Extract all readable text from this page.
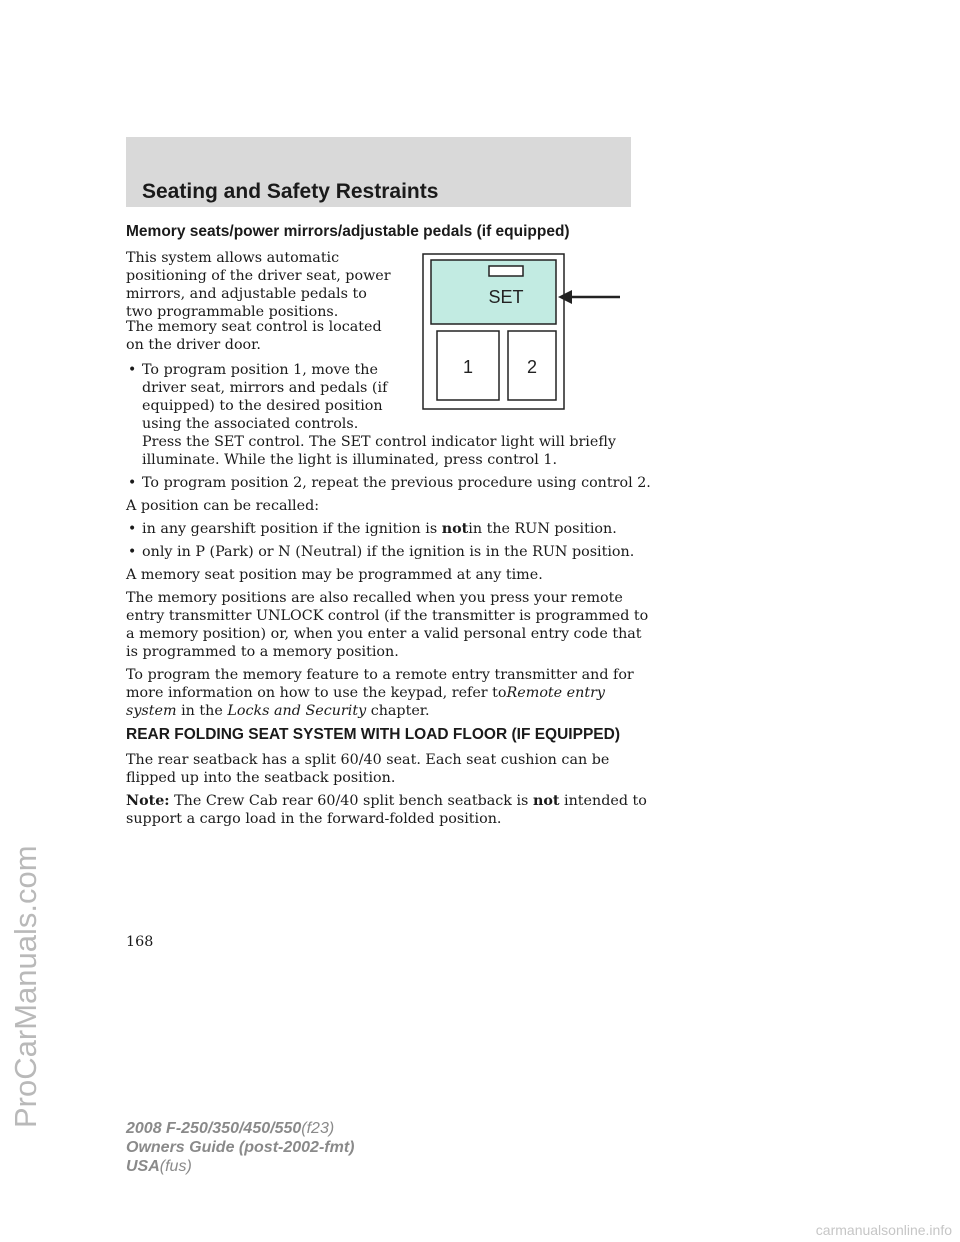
Seating and Safety Restraints
Memory seats/power mirrors/adjustable pedals (if equipped)

This system allows automatic

positioning of the driver seat, power

mirrors, and adjustable pedals to

two programmable positions.

The memory seat control is located

on the driver door.

• To program position 1, move the

driver seat, mirrors and pedals (if

equipped) to the desired position

using the associated controls.

Press the SET control. The SET control indicator light will briefly

illuminate. While the light is illuminated, press control 1.

• To program position 2, repeat the previous procedure using control 2.

A position can be recalled:

• in any gearshift position if the ignition is notin the RUN position.

• only in P (Park) or N (Neutral) if the ignition is in the RUN position.

A memory seat position may be programmed at any time.

The memory positions are also recalled when you press your remote

entry transmitter UNLOCK control (if the transmitter is programmed to

a memory position) or, when you enter a valid personal entry code that

is programmed to a memory position.

To program the memory feature to a remote entry transmitter and for

more information on how to use the keypad, refer toRemote entry

system in the Locks and Security chapter.

REAR FOLDING SEAT SYSTEM WITH LOAD FLOOR (IF EQUIPPED)

The rear seatback has a split 60/40 seat. Each seat cushion can be

flipped up into the seatback position.

Note: The Crew Cab rear 60/40 split bench seatback is not intended to

support a cargo load in the forward-folded position.

SET
1	2
168
2008 F-250/350/450/550(f23)
Owners Guide (post-2002-fmt)
USA(fus)
ProCarManuals.com
carmanualsonline.info
